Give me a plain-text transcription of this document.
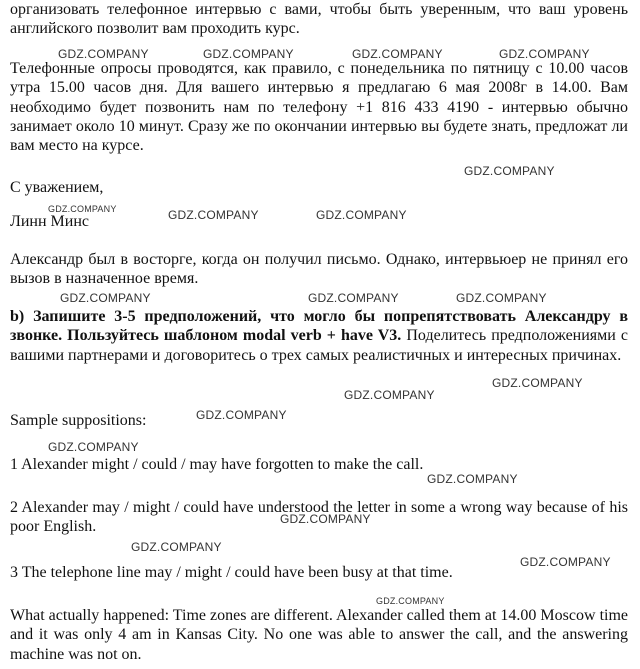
организовать телефонное интервью с вами, чтобы быть уверенным, что ваш уровень английского позволит вам проходить курс.

Телефонные опросы проводятся, как правило, с понедельника по пятницу с 10.00 часов утра 15.00 часов дня. Для вашего интервью я предлагаю 6 мая 2008г в 14.00. Вам необходимо будет позвонить нам по телефону +1 816 433 4190 - интервью обычно занимает около 10 минут. Сразу же по окончании интервью вы будете знать, предложат ли вам место на курсе.

С уважением,

Линн Минс

Александр был в восторге, когда он получил письмо. Однако, интервьюер не принял его вызов в назначенное время.

b) Запишите 3-5 предположений, что могло бы попрепятствовать Александру в звонке. Пользуйтесь шаблоном modal verb + have V3. Поделитесь предположениями с вашими партнерами и договоритесь о трех самых реалистичных и интересных причинах.

Sample suppositions:

1 Alexander might / could / may have forgotten to make the call.

2 Alexander may / might / could have understood the letter in some a wrong way because of his poor English.

3 The telephone line may / might / could have been busy at that time.

What actually happened: Time zones are different. Alexander called them at 14.00 Moscow time and it was only 4 am in Kansas City. No one was able to answer the call, and the answering machine was not on.

GDZ.COMPANY	GDZ.COMPANY	GDZ.COMPANY	GDZ.COMPANY
GDZ.COMPANY
GDZ.COMPANY	GDZ.COMPANY	GDZ.COMPANY
GDZ.COMPANY	GDZ.COMPANY	GDZ.COMPANY
GDZ.COMPANY
GDZ.COMPANY
GDZ.COMPANY
GDZ.COMPANY
GDZ.COMPANY
GDZ.COMPANY
GDZ.COMPANY
GDZ.COMPANY
GDZ.COMPANY
